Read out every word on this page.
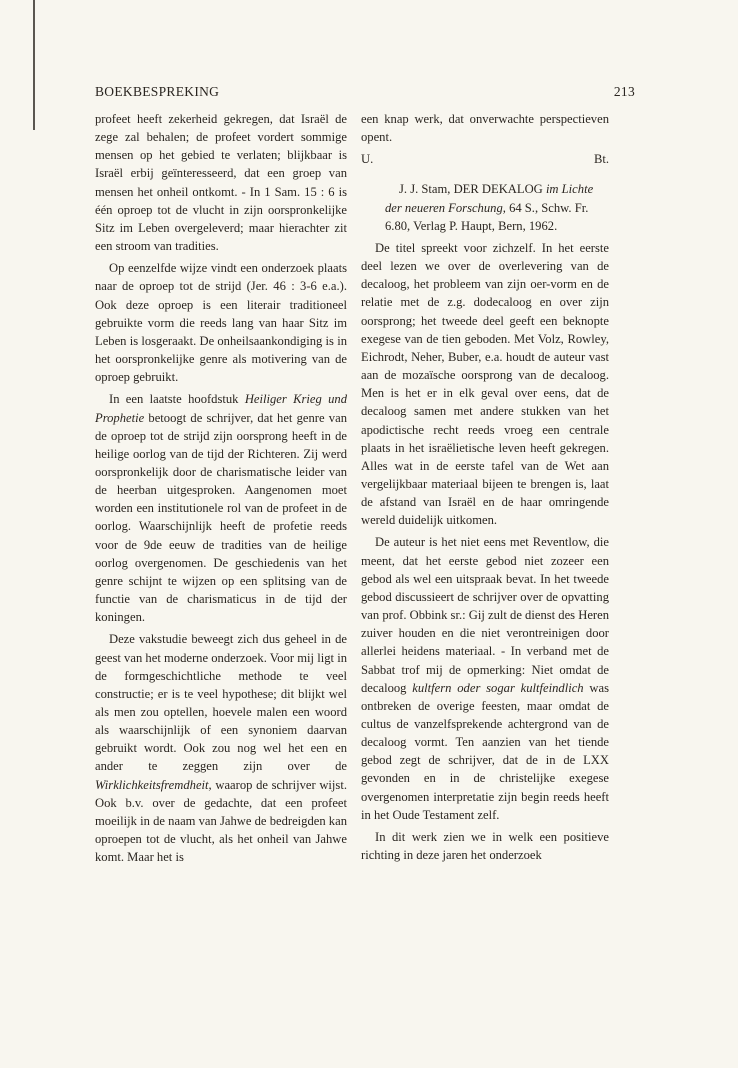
BOEKBESPREKING	213

profeet heeft zekerheid gekregen, dat Israël de zege zal behalen; de profeet vordert sommige mensen op het gebied te verlaten; blijkbaar is Israël erbij geïnteresseerd, dat een groep van mensen het onheil ontkomt. - In 1 Sam. 15 : 6 is één oproep tot de vlucht in zijn oorspronkelijke Sitz im Leben overgeleverd; maar hierachter zit een stroom van tradities.

Op eenzelfde wijze vindt een onderzoek plaats naar de oproep tot de strijd (Jer. 46 : 3-6 e.a.). Ook deze oproep is een literair traditioneel gebruikte vorm die reeds lang van haar Sitz im Leben is losgeraakt. De onheilsaankondiging is in het oorspronkelijke genre als motivering van de oproep gebruikt.

In een laatste hoofdstuk Heiliger Krieg und Prophetie betoogt de schrijver, dat het genre van de oproep tot de strijd zijn oorsprong heeft in de heilige oorlog van de tijd der Richteren. Zij werd oorspronkelijk door de charismatische leider van de heerban uitgesproken. Aangenomen moet worden een institutionele rol van de profeet in de oorlog. Waarschijnlijk heeft de profetie reeds voor de 9de eeuw de tradities van de heilige oorlog overgenomen. De geschiedenis van het genre schijnt te wijzen op een splitsing van de functie van de charismaticus in de tijd der koningen.

Deze vakstudie beweegt zich dus geheel in de geest van het moderne onderzoek. Voor mij ligt in de formgeschichtliche methode te veel constructie; er is te veel hypothese; dit blijkt wel als men zou optellen, hoevele malen een woord als waarschijnlijk of een synoniem daarvan gebruikt wordt. Ook zou nog wel het een en ander te zeggen zijn over de Wirklichkeitsfremdheit, waarop de schrijver wijst. Ook b.v. over de gedachte, dat een profeet moeilijk in de naam van Jahwe de bedreigden kan oproepen tot de vlucht, als het onheil van Jahwe komt. Maar het is

een knap werk, dat onverwachte perspectieven opent.

U.	Bt.

J. J. Stam, DER DEKALOG im Lichte der neueren Forschung, 64 S., Schw. Fr. 6.80, Verlag P. Haupt, Bern, 1962.

De titel spreekt voor zichzelf. In het eerste deel lezen we over de overlevering van de decaloog, het probleem van zijn oer-vorm en de relatie met de z.g. dodecaloog en over zijn oorsprong; het tweede deel geeft een beknopte exegese van de tien geboden. Met Volz, Rowley, Eichrodt, Neher, Buber, e.a. houdt de auteur vast aan de mozaïsche oorsprong van de decaloog. Men is het er in elk geval over eens, dat de decaloog samen met andere stukken van het apodictische recht reeds vroeg een centrale plaats in het israëlietische leven heeft gekregen. Alles wat in de eerste tafel van de Wet aan vergelijkbaar materiaal bijeen te brengen is, laat de afstand van Israël en de haar omringende wereld duidelijk uitkomen.

De auteur is het niet eens met Reventlow, die meent, dat het eerste gebod niet zozeer een gebod als wel een uitspraak bevat. In het tweede gebod discussieert de schrijver over de opvatting van prof. Obbink sr.: Gij zult de dienst des Heren zuiver houden en die niet verontreinigen door allerlei heidens materiaal. - In verband met de Sabbat trof mij de opmerking: Niet omdat de decaloog kultfern oder sogar kultfeindlich was ontbreken de overige feesten, maar omdat de cultus de vanzelfsprekende achtergrond van de decaloog vormt. Ten aanzien van het tiende gebod zegt de schrijver, dat de in de LXX gevonden en in de christelijke exegese overgenomen interpretatie zijn begin reeds heeft in het Oude Testament zelf.

In dit werk zien we in welk een positieve richting in deze jaren het onderzoek
